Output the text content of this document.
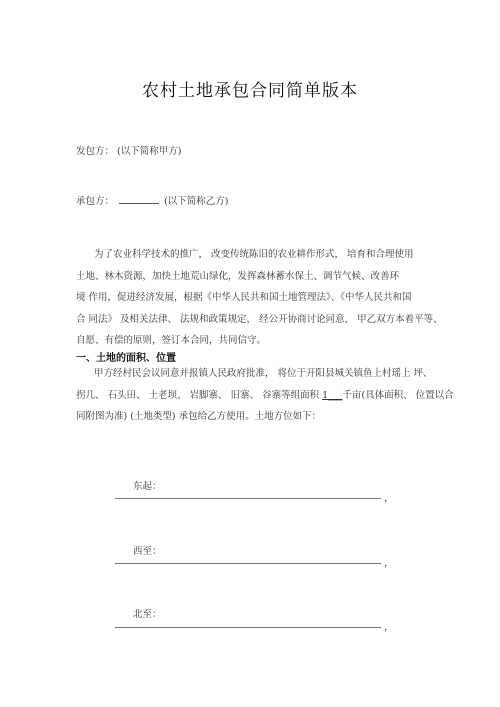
农村土地承包合同简单版本
发包方： (以下简称甲方)
承包方：	(以下简称乙方)
为了农业科学技术的推广， 改变传统陈旧的农业耕作形式， 培育和合理使用
土地、林木资源，加快土地荒山绿化，发挥森林蓄水保土、调节气候、改善环
境 作用，促进经济发展，根据《中华人民共和国土地管理法》、《中华人民共和国
合 同法》 及相关法律、 法规和政策规定， 经公开协商讨论同意， 甲乙双方本着平等、
自愿、有偿的原则，签订本合同，共同信守。
一、土地的面积、位置
甲方经村民会议同意并报镇人民政府批准， 将位于开阳县城关镇鱼上村瑶上 坪、
拐几、 石头田、 土老坝、 岩脚寨、 旧寨、 谷寨等组面积 1___千亩(具体面积、 位置以合
同附图为准) (土地类型) 承包给乙方使用。土地方位如下：
东起：
，
西至：
，
北至：
，
